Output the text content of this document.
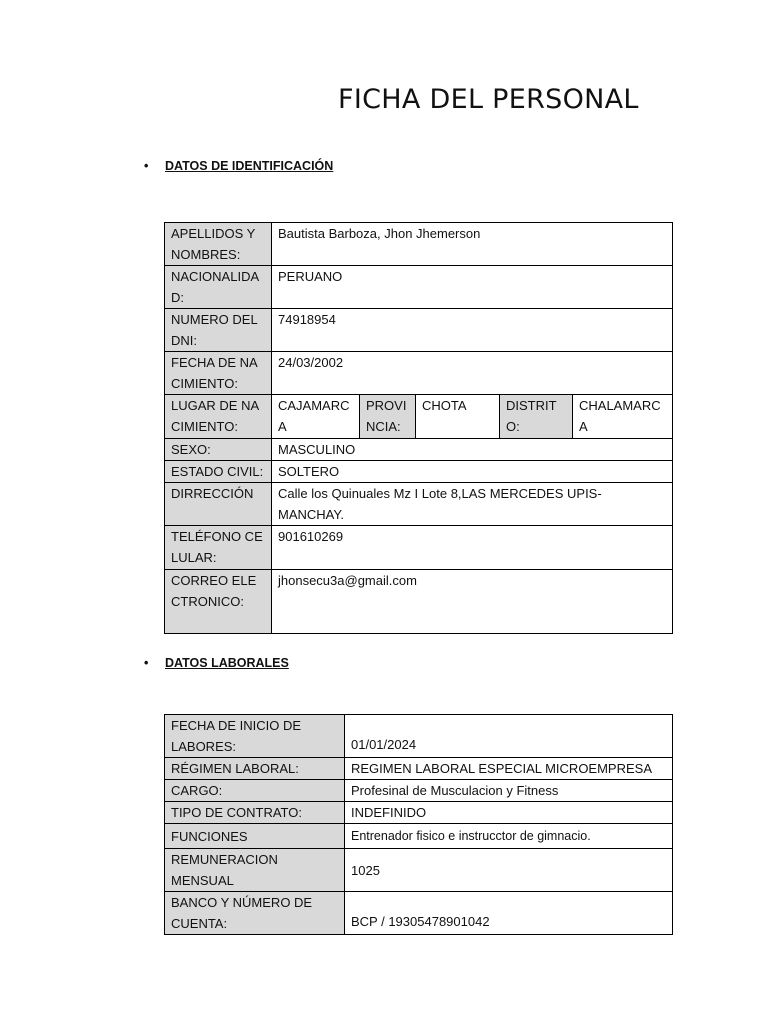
FICHA DEL PERSONAL
• DATOS DE IDENTIFICACIÓN
APELLIDOS Y NOMBRES:	Bautista Barboza, Jhon Jhemerson				
NACIONALIDAD:	PERUANO				
NUMERO DEL DNI:	74918954				
FECHA DE NACIMIENTO:	24/03/2002				
LUGAR DE NACIMIENTO:	CAJAMARCA	PROVINCIA:	CHOTA	DISTRITO:	CHALAMARCA
SEXO:	MASCULINO				
ESTADO CIVIL:	SOLTERO				
DIRRECCIÓN	Calle los Quinuales Mz I Lote 8,LAS MERCEDES UPIS-MANCHAY.				
TELÉFONO CELULAR:	901610269				
CORREO ELECTRONICO:	jhonsecu3a@gmail.com				
• DATOS LABORALES
FECHA DE INICIO DE LABORES:	01/01/2024
RÉGIMEN LABORAL:	REGIMEN LABORAL ESPECIAL MICROEMPRESA
CARGO:	Profesinal de Musculacion y Fitness
TIPO DE CONTRATO:	INDEFINIDO
FUNCIONES	Entrenador fisico e instrucctor de gimnacio.
REMUNERACION MENSUAL	1025
BANCO Y NÚMERO DE CUENTA:	BCP / 19305478901042
